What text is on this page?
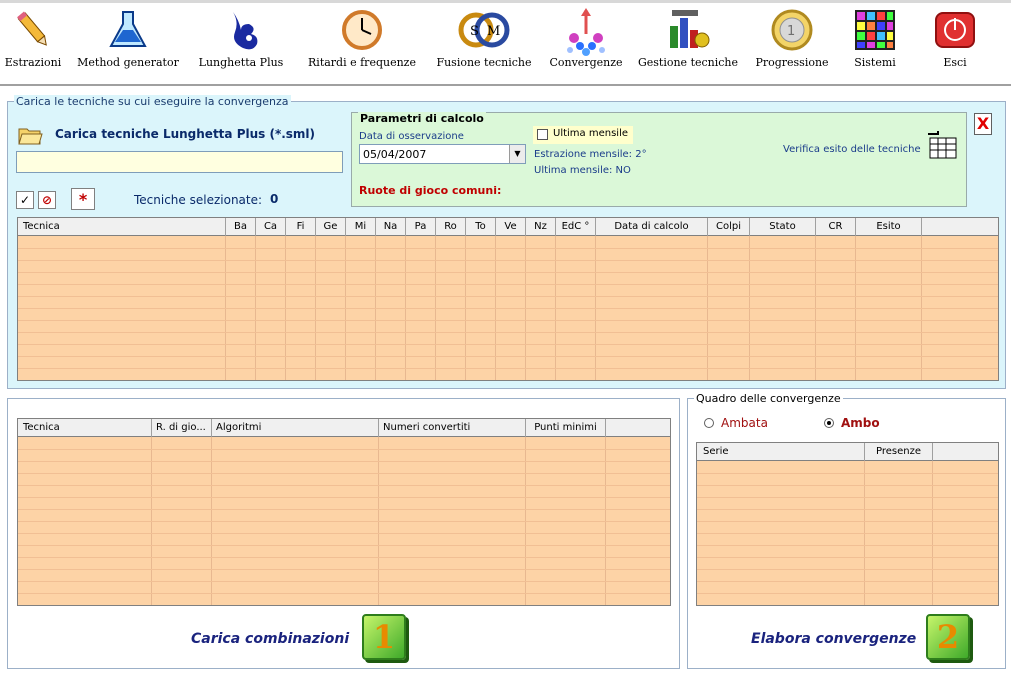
Estrazioni Method generator Lunghetta Plus Ritardi e frequenze
S M
Fusione tecniche	Convergenze	Gestione tecniche
1
Progressione	Sistemi	Esci
Carica le tecniche su cui eseguire la convergenza
Carica tecniche Lunghetta Plus (*.sml)
✓ ⊘	*	Tecniche selezionate: 0
Parametri di calcolo
Data di osservazione
05/04/2007	▼
Ultima mensile
Estrazione mensile: 2°
Ultima mensile: NO
Ruote di gioco comuni:
Verifica esito delle tecniche
X
Tecnica	Ba	Ca	Fi	Ge	Mi	Na	Pa	Ro	To	Ve	Nz	EdC °	Data di calcolo	Colpi	Stato	CR	Esito
Tecnica	R. di gio...	Algoritmi	Numeri convertiti	Punti minimi
Carica combinazioni 1
Quadro delle convergenze
Ambata	Ambo
Serie	Presenze
Elabora convergenze 2
